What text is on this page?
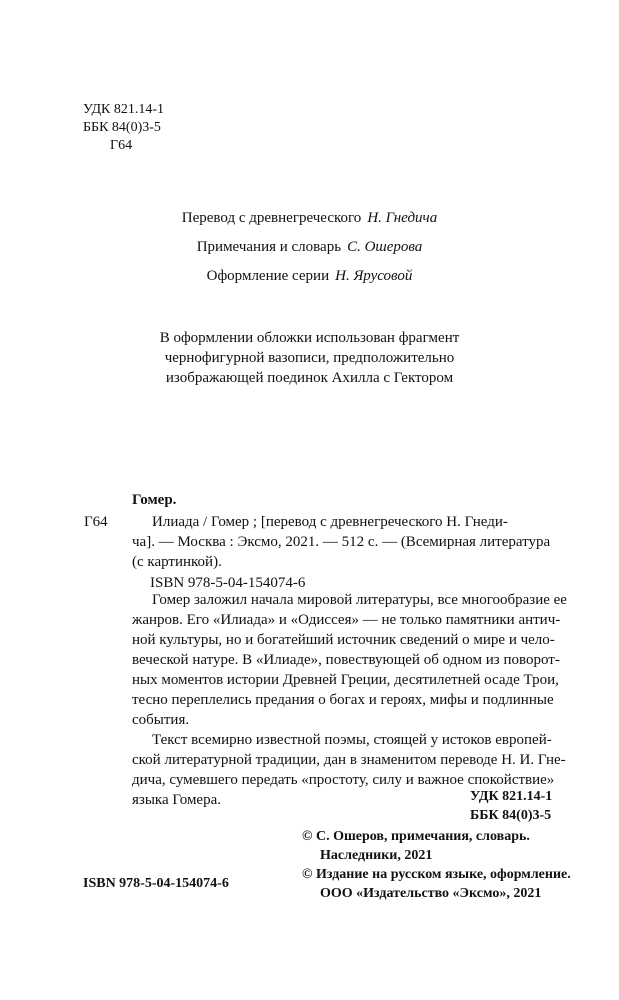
УДК 821.14-1
ББК 84(0)3-5
Г64
Перевод с древнегреческого Н. Гнедича
Примечания и словарь С. Ошерова
Оформление серии Н. Ярусовой
В оформлении обложки использован фрагмент
чернофигурной вазописи, предположительно
изображающей поединок Ахилла с Гектором
Гомер.
Г64	Илиада / Гомер ; [перевод с древнегреческого Н. Гнеди-
ча]. — Москва : Эксмо, 2021. — 512 с. — (Всемирная литература
(с картинкой).
ISBN 978-5-04-154074-6
Гомер заложил начала мировой литературы, все многообразие ее
жанров. Его «Илиада» и «Одиссея» — не только памятники антич-
ной культуры, но и богатейший источник сведений о мире и чело-
веческой натуре. В «Илиаде», повествующей об одном из поворот-
ных моментов истории Древней Греции, десятилетней осаде Трои,
тесно переплелись предания о богах и героях, мифы и подлинные
события.
Текст всемирно известной поэмы, стоящей у истоков европей-
ской литературной традиции, дан в знаменитом переводе Н. И. Гне-
дича, сумевшего передать «простоту, силу и важное спокойствие»
языка Гомера.	УДК 821.14-1
ББК 84(0)3-5
© С. Ошеров, примечания, словарь.
Наследники, 2021
© Издание на русском языке, оформление.
ООО «Издательство «Эксмо», 2021
ISBN 978-5-04-154074-6
